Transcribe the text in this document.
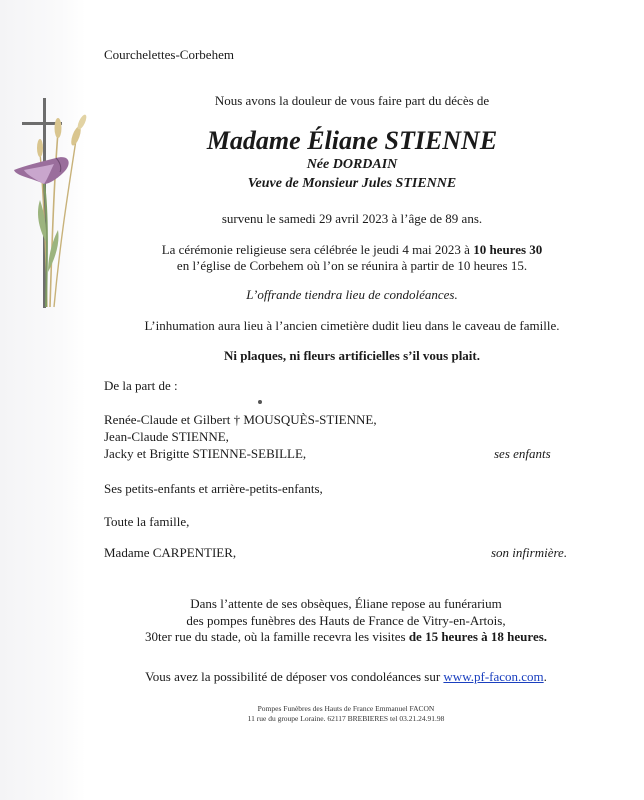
Courchelettes-Corbehem
Nous avons la douleur de vous faire part du décès de
Madame Éliane STIENNE
Née DORDAIN
Veuve de Monsieur Jules STIENNE
survenu le samedi 29 avril 2023 à l’âge de 89 ans.
La cérémonie religieuse sera célébrée le jeudi 4 mai 2023 à 10 heures 30
en l’église de Corbehem où l’on se réunira à partir de 10 heures 15.
L’offrande tiendra lieu de condoléances.
L’inhumation aura lieu à l’ancien cimetière dudit lieu dans le caveau de famille.
Ni plaques, ni fleurs artificielles s’il vous plait.
De la part de :
Renée-Claude et Gilbert † MOUSQUÈS-STIENNE,
Jean-Claude STIENNE,
Jacky et Brigitte STIENNE-SEBILLE,	ses enfants
Ses petits-enfants et arrière-petits-enfants,
Toute la famille,
Madame CARPENTIER,	son infirmière.
Dans l’attente de ses obsèques, Éliane repose au funérarium
des pompes funèbres des Hauts de France de Vitry-en-Artois,
30ter rue du stade, où la famille recevra les visites de 15 heures à 18 heures.
Vous avez la possibilité de déposer vos condoléances sur www.pf-facon.com.
Pompes Funèbres des Hauts de France Emmanuel FACON
11 rue du groupe Loraine. 62117 BREBIERES tel 03.21.24.91.98
